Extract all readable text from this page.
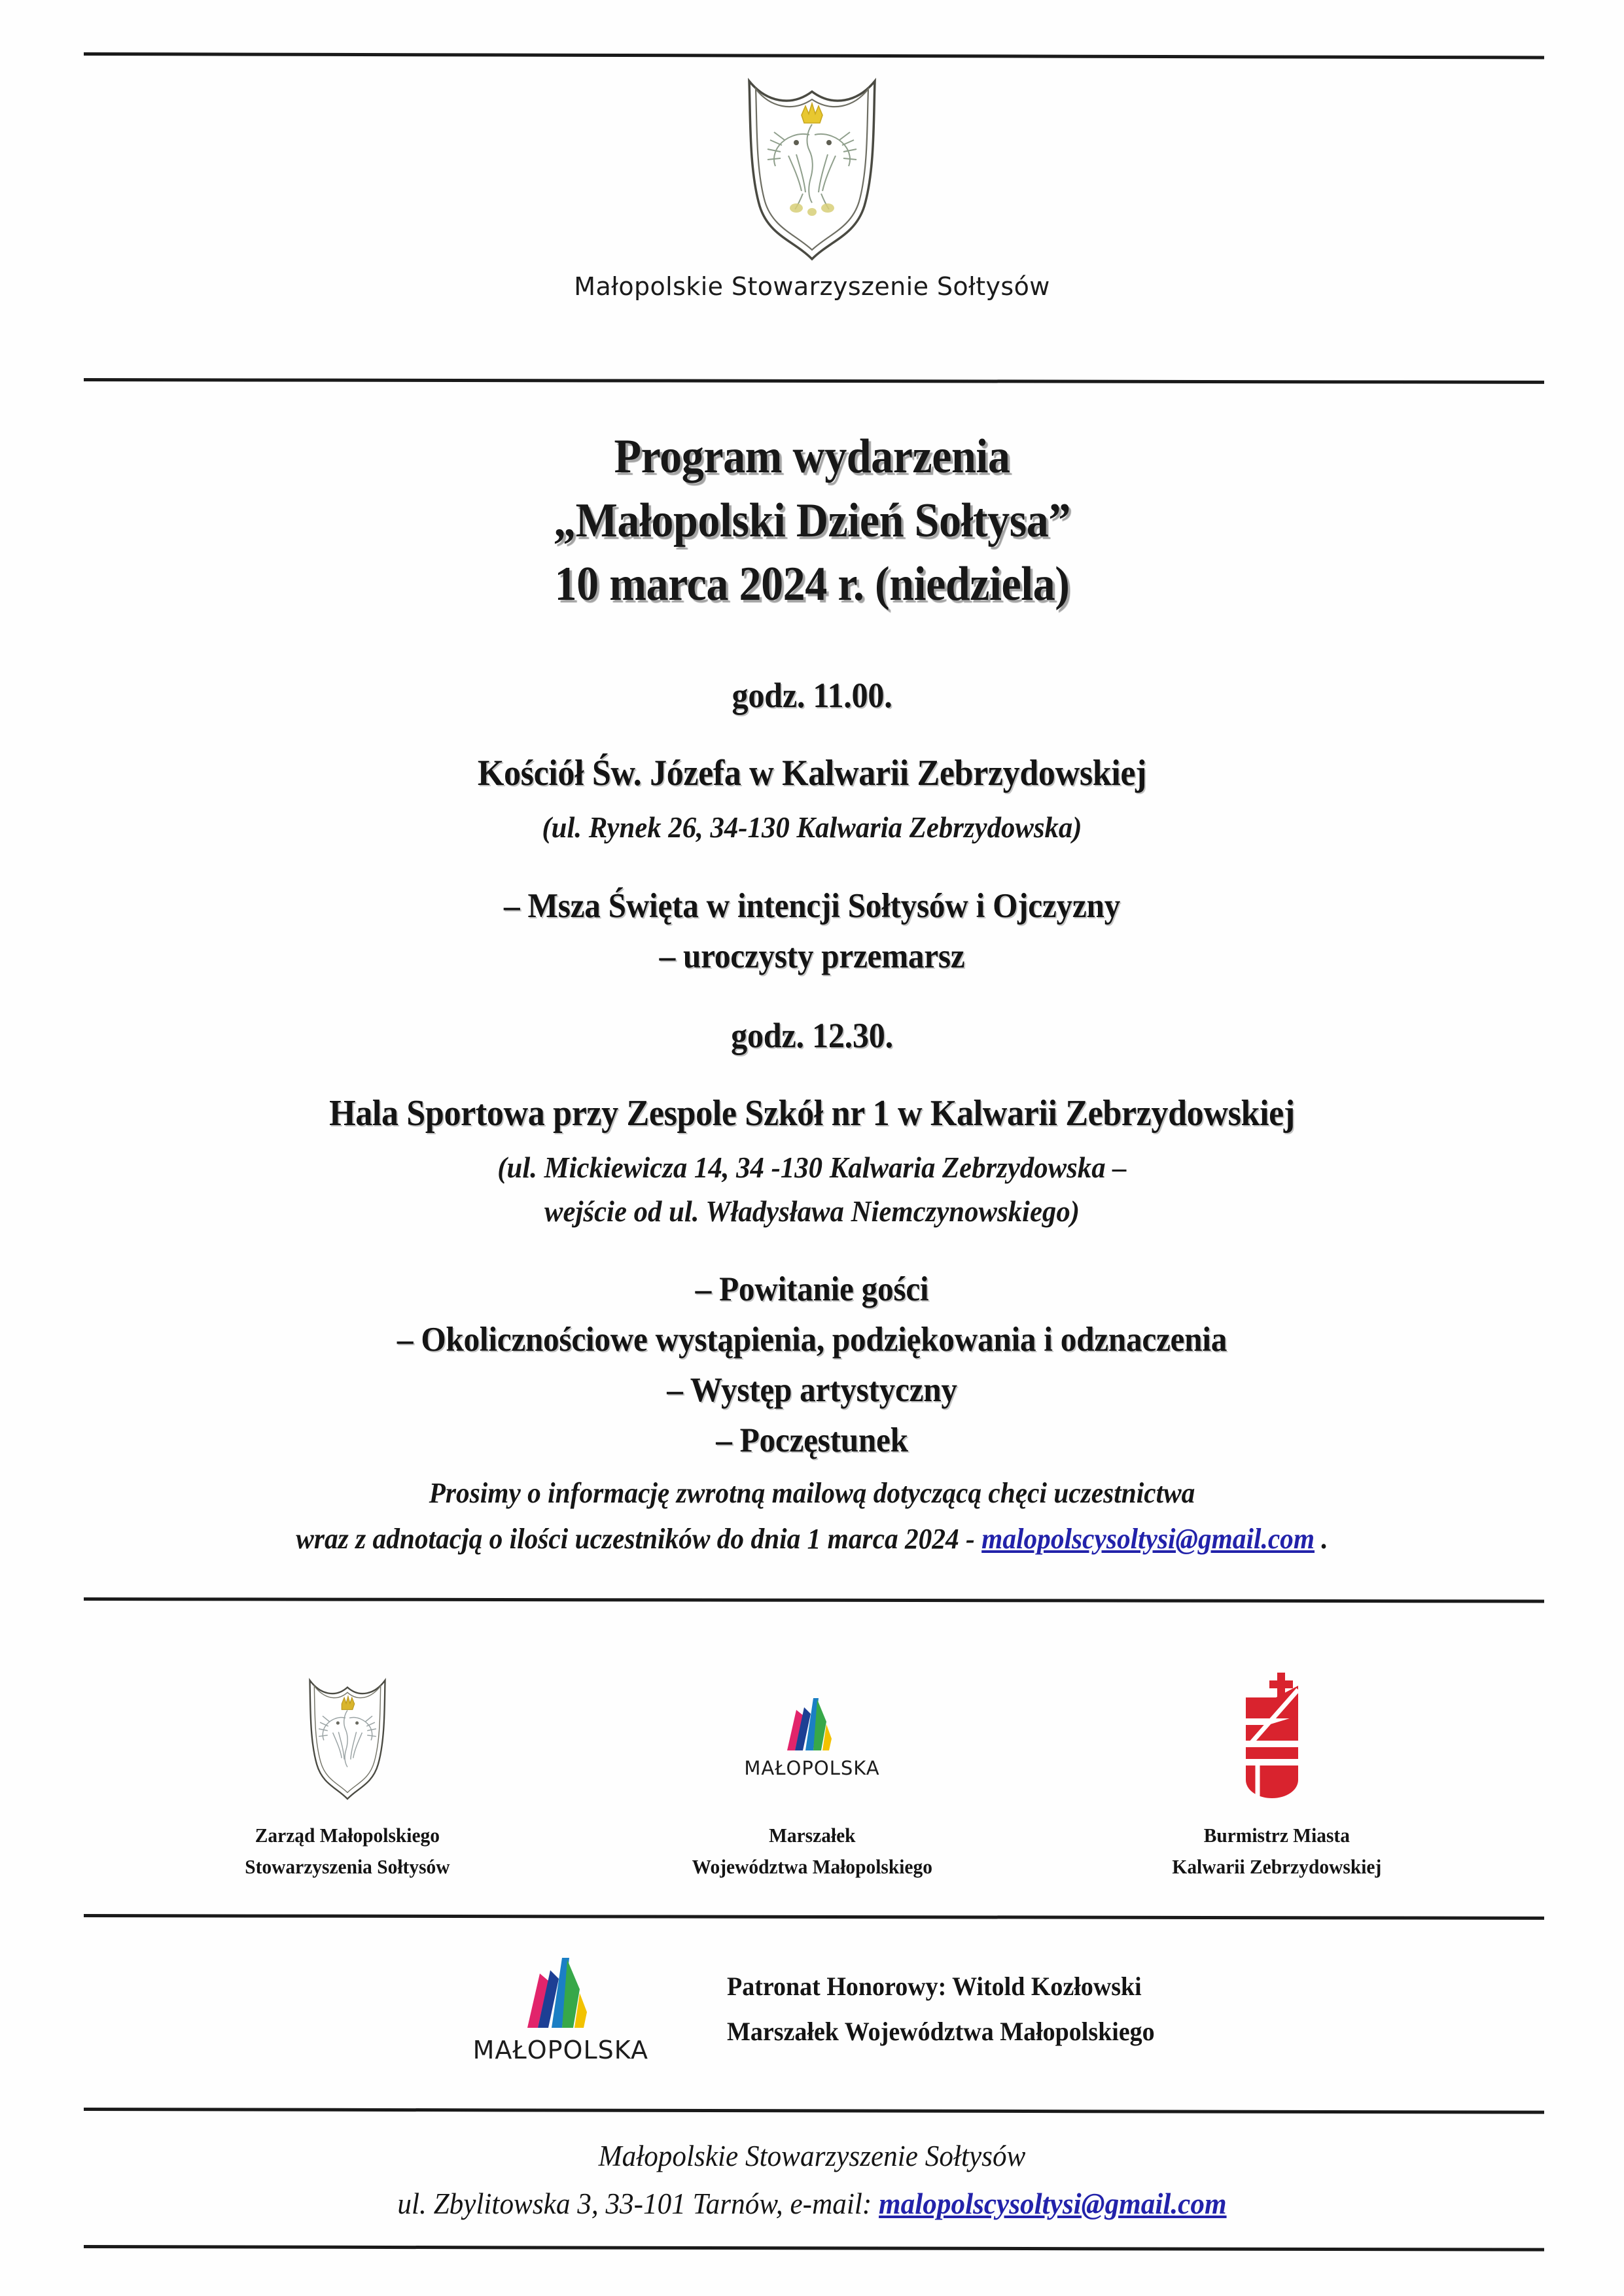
Małopolskie Stowarzyszenie Sołtysów
Program wydarzenia
„Małopolski Dzień Sołtysa”
10 marca 2024 r. (niedziela)
godz. 11.00.
Kościół Św. Józefa w Kalwarii Zebrzydowskiej
(ul. Rynek 26, 34-130 Kalwaria Zebrzydowska)
– Msza Święta w intencji Sołtysów i Ojczyzny
– uroczysty przemarsz
godz. 12.30.
Hala Sportowa przy Zespole Szkół nr 1 w Kalwarii Zebrzydowskiej
(ul. Mickiewicza 14, 34 -130 Kalwaria Zebrzydowska –
wejście od ul. Władysława Niemczynowskiego)
– Powitanie gości
– Okolicznościowe wystąpienia, podziękowania i odznaczenia
– Występ artystyczny
– Poczęstunek
Prosimy o informację zwrotną mailową dotyczącą chęci uczestnictwa
wraz z adnotacją o ilości uczestników do dnia 1 marca 2024 - malopolscysoltysi@gmail.com .
Zarząd Małopolskiego
Stowarzyszenia Sołtysów
MAŁOPOLSKA
Marszałek
Województwa Małopolskiego
Burmistrz Miasta
Kalwarii Zebrzydowskiej
MAŁOPOLSKA
Patronat Honorowy: Witold Kozłowski
Marszałek Województwa Małopolskiego
Małopolskie Stowarzyszenie Sołtysów
ul. Zbylitowska 3, 33-101 Tarnów, e-mail: malopolscysoltysi@gmail.com
